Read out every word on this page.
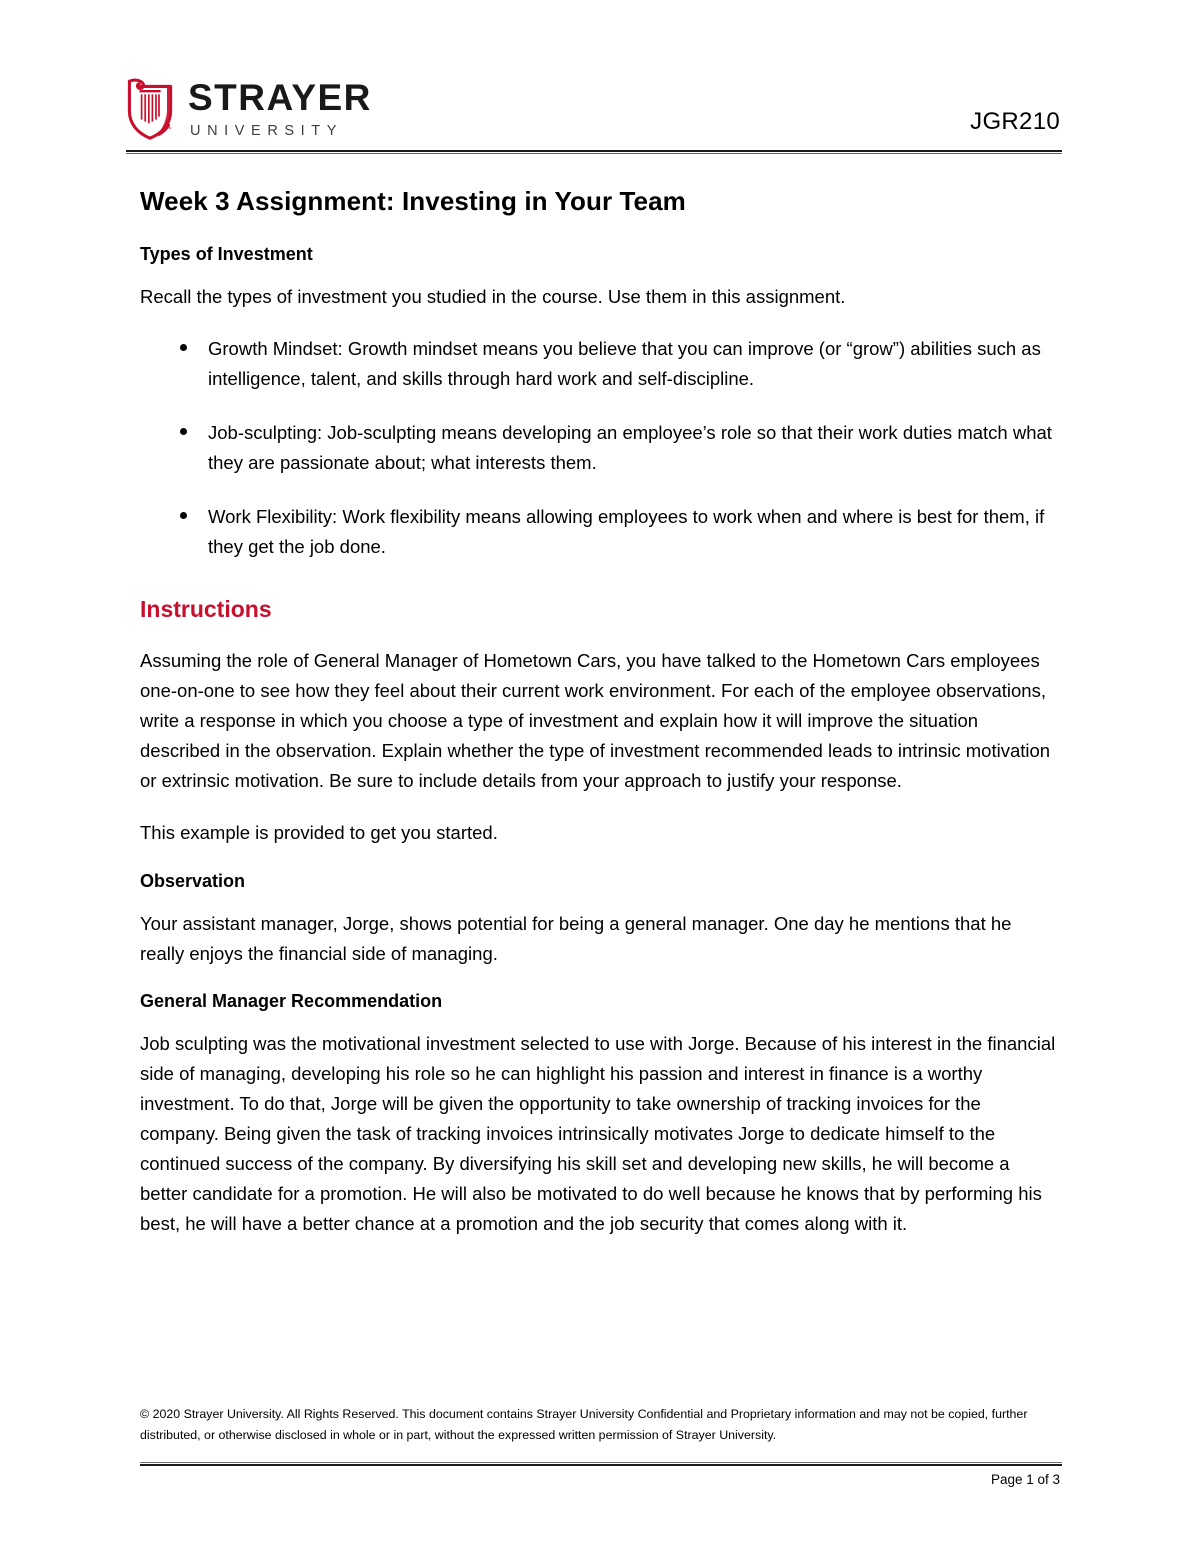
™
STRAYER
UNIVERSITY	JGR210
Week 3 Assignment: Investing in Your Team
Types of Investment

Recall the types of investment you studied in the course. Use them in this assignment.

Growth Mindset: Growth mindset means you believe that you can improve (or “grow”) abilities such as intelligence, talent, and skills through hard work and self-discipline.
Job-sculpting: Job-sculpting means developing an employee’s role so that their work duties match what they are passionate about; what interests them.
Work Flexibility: Work flexibility means allowing employees to work when and where is best for them, if they get the job done.
Instructions

Assuming the role of General Manager of Hometown Cars, you have talked to the Hometown Cars employees one-on-one to see how they feel about their current work environment. For each of the employee observations, write a response in which you choose a type of investment and explain how it will improve the situation described in the observation. Explain whether the type of investment recommended leads to intrinsic motivation or extrinsic motivation. Be sure to include details from your approach to justify your response.

This example is provided to get you started.

Observation

Your assistant manager, Jorge, shows potential for being a general manager. One day he mentions that he really enjoys the financial side of managing.

General Manager Recommendation

Job sculpting was the motivational investment selected to use with Jorge. Because of his interest in the financial side of managing, developing his role so he can highlight his passion and interest in finance is a worthy investment. To do that, Jorge will be given the opportunity to take ownership of tracking invoices for the company. Being given the task of tracking invoices intrinsically motivates Jorge to dedicate himself to the continued success of the company. By diversifying his skill set and developing new skills, he will become a better candidate for a promotion. He will also be motivated to do well because he knows that by performing his best, he will have a better chance at a promotion and the job security that comes along with it.

© 2020 Strayer University. All Rights Reserved. This document contains Strayer University Confidential and Proprietary information and may not be copied, further distributed, or otherwise disclosed in whole or in part, without the expressed written permission of Strayer University.

Page 1 of 3
